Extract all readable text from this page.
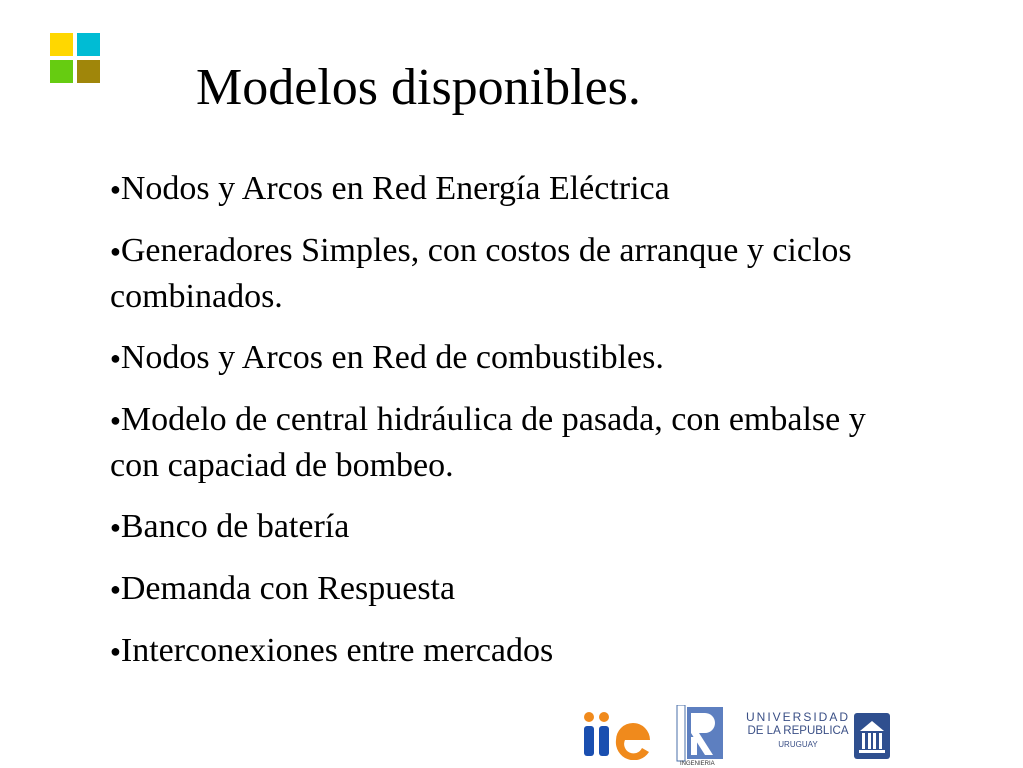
Modelos disponibles.
●Nodos y Arcos en Red Energía Eléctrica
●Generadores Simples, con costos de arranque y ciclos combinados.
●Nodos y Arcos en Red de combustibles.
●Modelo de central hidráulica de pasada, con embalse y con capaciad de bombeo.
●Banco de batería
●Demanda con Respuesta
●Interconexiones entre mercados
iie
INGENIERIA
UNIVERSIDAD
DE LA REPUBLICA
URUGUAY
